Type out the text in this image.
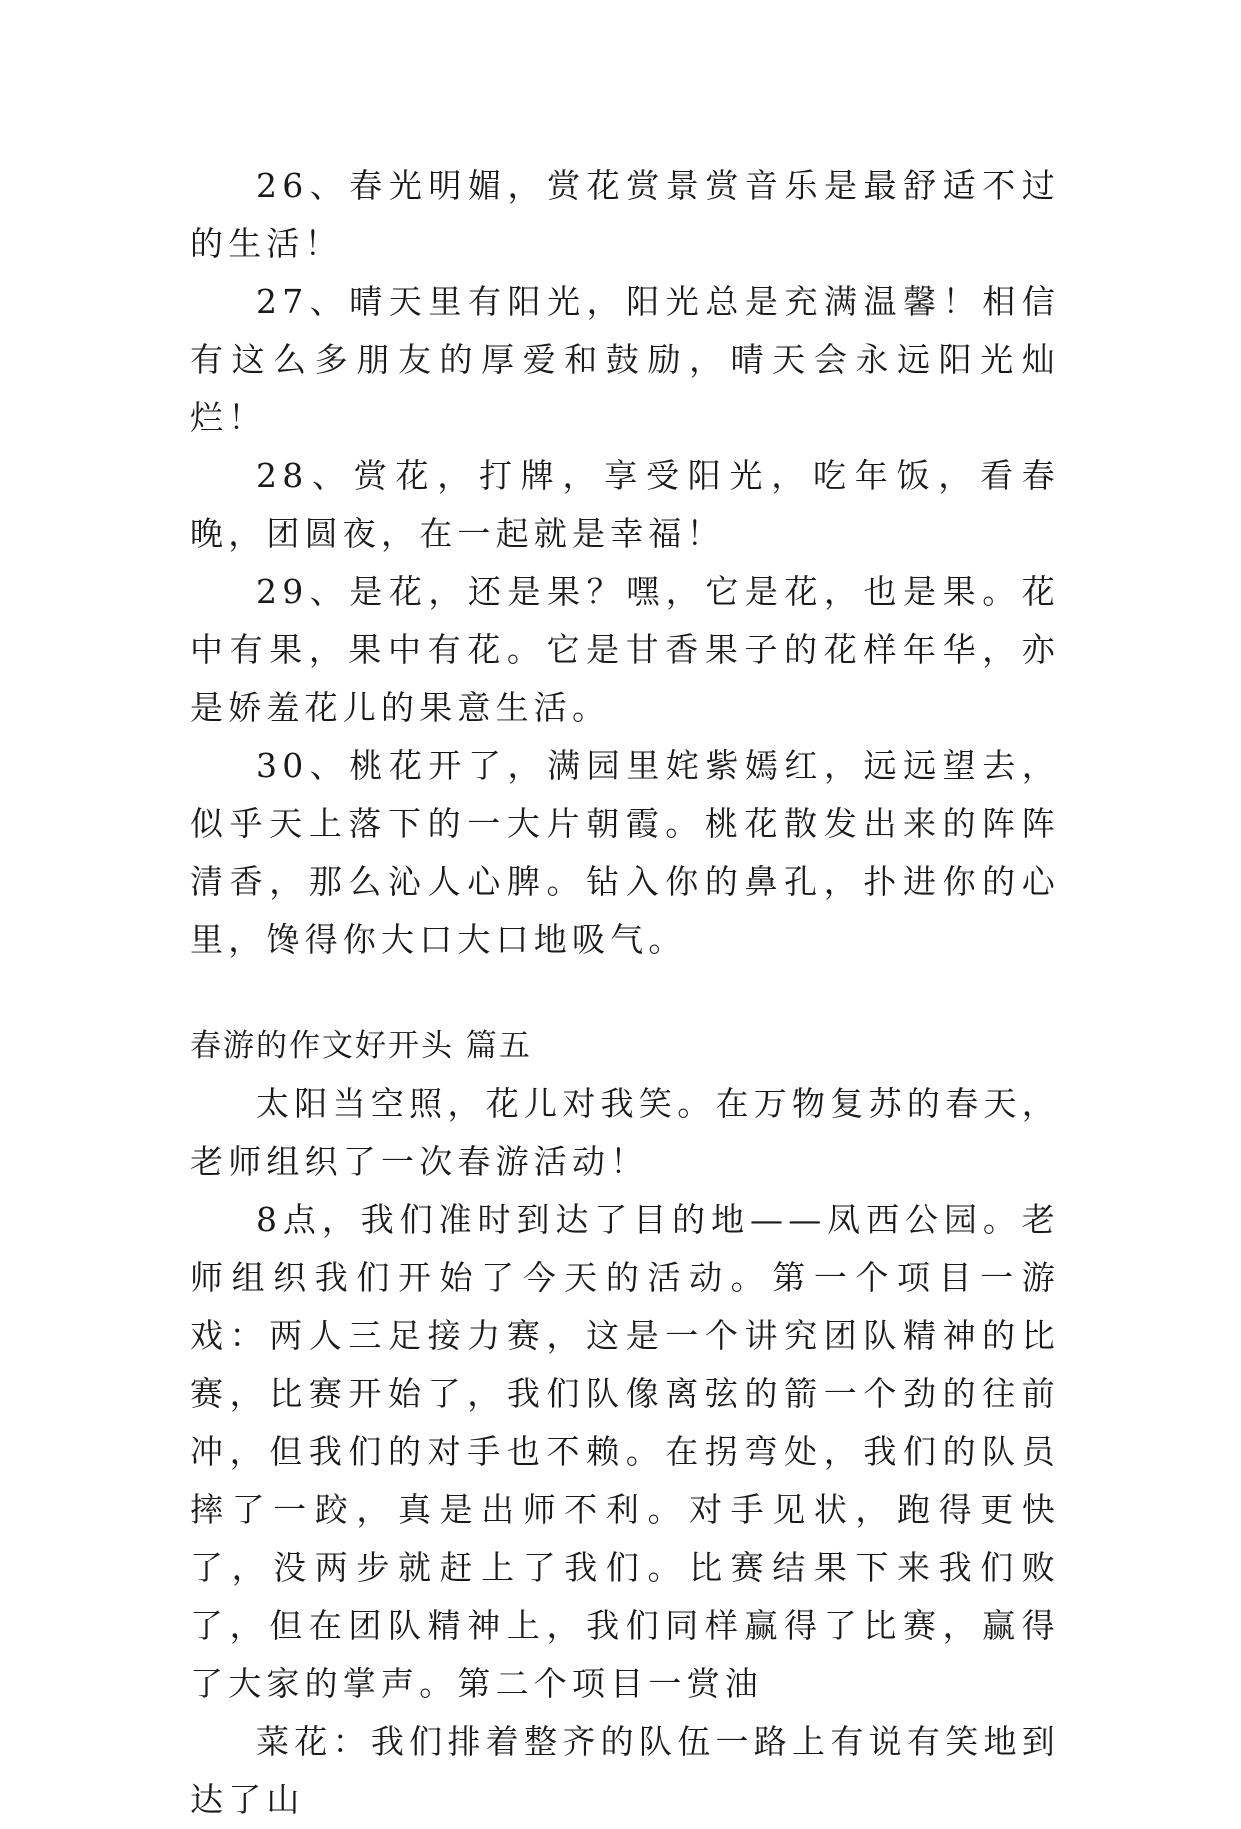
26、春光明媚，赏花赏景赏音乐是最舒适不过的生活！

27、晴天里有阳光，阳光总是充满温馨！相信有这么多朋友的厚爱和鼓励，晴天会永远阳光灿烂！

28、赏花，打牌，享受阳光，吃年饭，看春晚，团圆夜，在一起就是幸福！

29、是花，还是果？嘿，它是花，也是果。花中有果，果中有花。它是甘香果子的花样年华，亦是娇羞花儿的果意生活。

30、桃花开了，满园里姹紫嫣红，远远望去，似乎天上落下的一大片朝霞。桃花散发出来的阵阵清香，那么沁人心脾。钻入你的鼻孔，扑进你的心里，馋得你大口大口地吸气。

春游的作文好开头 篇五

太阳当空照，花儿对我笑。在万物复苏的春天，老师组织了一次春游活动！

8点，我们准时到达了目的地——凤西公园。老师组织我们开始了今天的活动。第一个项目一游戏：两人三足接力赛，这是一个讲究团队精神的比赛，比赛开始了，我们队像离弦的箭一个劲的往前冲，但我们的对手也不赖。在拐弯处，我们的队员摔了一跤，真是出师不利。对手见状，跑得更快了，没两步就赶上了我们。比赛结果下来我们败了，但在团队精神上，我们同样赢得了比赛，赢得了大家的掌声。第二个项目一赏油

菜花：我们排着整齐的队伍一路上有说有笑地到达了山
